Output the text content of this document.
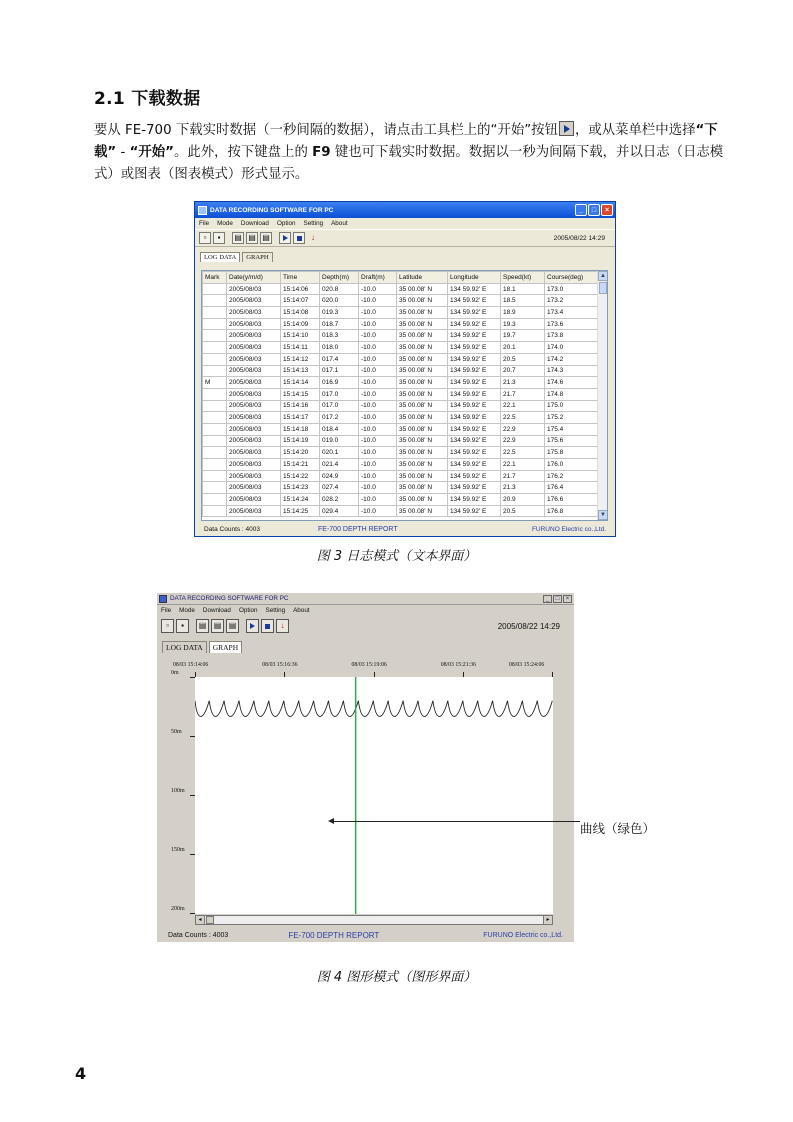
2.1 下载数据
要从 FE-700 下载实时数据（一秒间隔的数据），请点击工具栏上的“开始”按钮 ，或从菜单栏中选择“下载” - “开始”。此外，按下键盘上的 F9 键也可下载实时数据。数据以一秒为间隔下载，并以日志（日志模式）或图表（图表模式）形式显示。
DATA RECORDING SOFTWARE FOR PC	_	□	×
File Mode Download Option Setting About
▫	▪	▤ ▤ ▤	↓	2005/08/22 14:29
LOG DATA	GRAPH
Mark	Date(y/m/d)	Time	Depth(m)	Draft(m)	Latitude	Longitude	Speed(kt)	Course(deg)
	2005/08/03	15:14:06	020.8	-10.0	35 00.08' N	134 59.92' E	18.1	173.0
	2005/08/03	15:14:07	020.0	-10.0	35 00.08' N	134 59.92' E	18.5	173.2
	2005/08/03	15:14:08	019.3	-10.0	35 00.08' N	134 59.92' E	18.9	173.4
	2005/08/03	15:14:09	018.7	-10.0	35 00.08' N	134 59.92' E	19.3	173.6
	2005/08/03	15:14:10	018.3	-10.0	35 00.08' N	134 59.92' E	19.7	173.8
	2005/08/03	15:14:11	018.0	-10.0	35 00.08' N	134 59.92' E	20.1	174.0
	2005/08/03	15:14:12	017.4	-10.0	35 00.08' N	134 59.92' E	20.5	174.2
	2005/08/03	15:14:13	017.1	-10.0	35 00.08' N	134 59.92' E	20.7	174.3
M	2005/08/03	15:14:14	016.9	-10.0	35 00.08' N	134 59.92' E	21.3	174.6
	2005/08/03	15:14:15	017.0	-10.0	35 00.08' N	134 59.92' E	21.7	174.8
	2005/08/03	15:14:16	017.0	-10.0	35 00.08' N	134 59.92' E	22.1	175.0
	2005/08/03	15:14:17	017.2	-10.0	35 00.08' N	134 59.92' E	22.5	175.2
	2005/08/03	15:14:18	018.4	-10.0	35 00.08' N	134 59.92' E	22.9	175.4
	2005/08/03	15:14:19	019.0	-10.0	35 00.08' N	134 59.92' E	22.9	175.6
	2005/08/03	15:14:20	020.1	-10.0	35 00.08' N	134 59.92' E	22.5	175.8
	2005/08/03	15:14:21	021.4	-10.0	35 00.08' N	134 59.92' E	22.1	176.0
	2005/08/03	15:14:22	024.9	-10.0	35 00.08' N	134 59.92' E	21.7	176.2
	2005/08/03	15:14:23	027.4	-10.0	35 00.08' N	134 59.92' E	21.3	176.4
	2005/08/03	15:14:24	028.2	-10.0	35 00.08' N	134 59.92' E	20.9	176.6
	2005/08/03	15:14:25	029.4	-10.0	35 00.08' N	134 59.92' E	20.5	176.8
▲
▼
Data Counts : 4003	FE-700 DEPTH REPORT	FURUNO Electric co.,Ltd.
图 3 日志模式（文本界面）
DATA RECORDING SOFTWARE FOR PC	_	□	×
File Mode Download Option Setting About
▫	▪	▤ ▤ ▤	↓	2005/08/22 14:29
LOG DATA	GRAPH
◂	▸
Data Counts : 4003	FE-700 DEPTH REPORT	FURUNO Electric co.,Ltd.
0m
50m
100m
150m
200m
08/03 15:14:06	08/03 15:16:36	08/03 15:19:06	08/03 15:21:36	08/03 15:24:06
曲线（绿色）
图 4 图形模式（图形界面）
4
